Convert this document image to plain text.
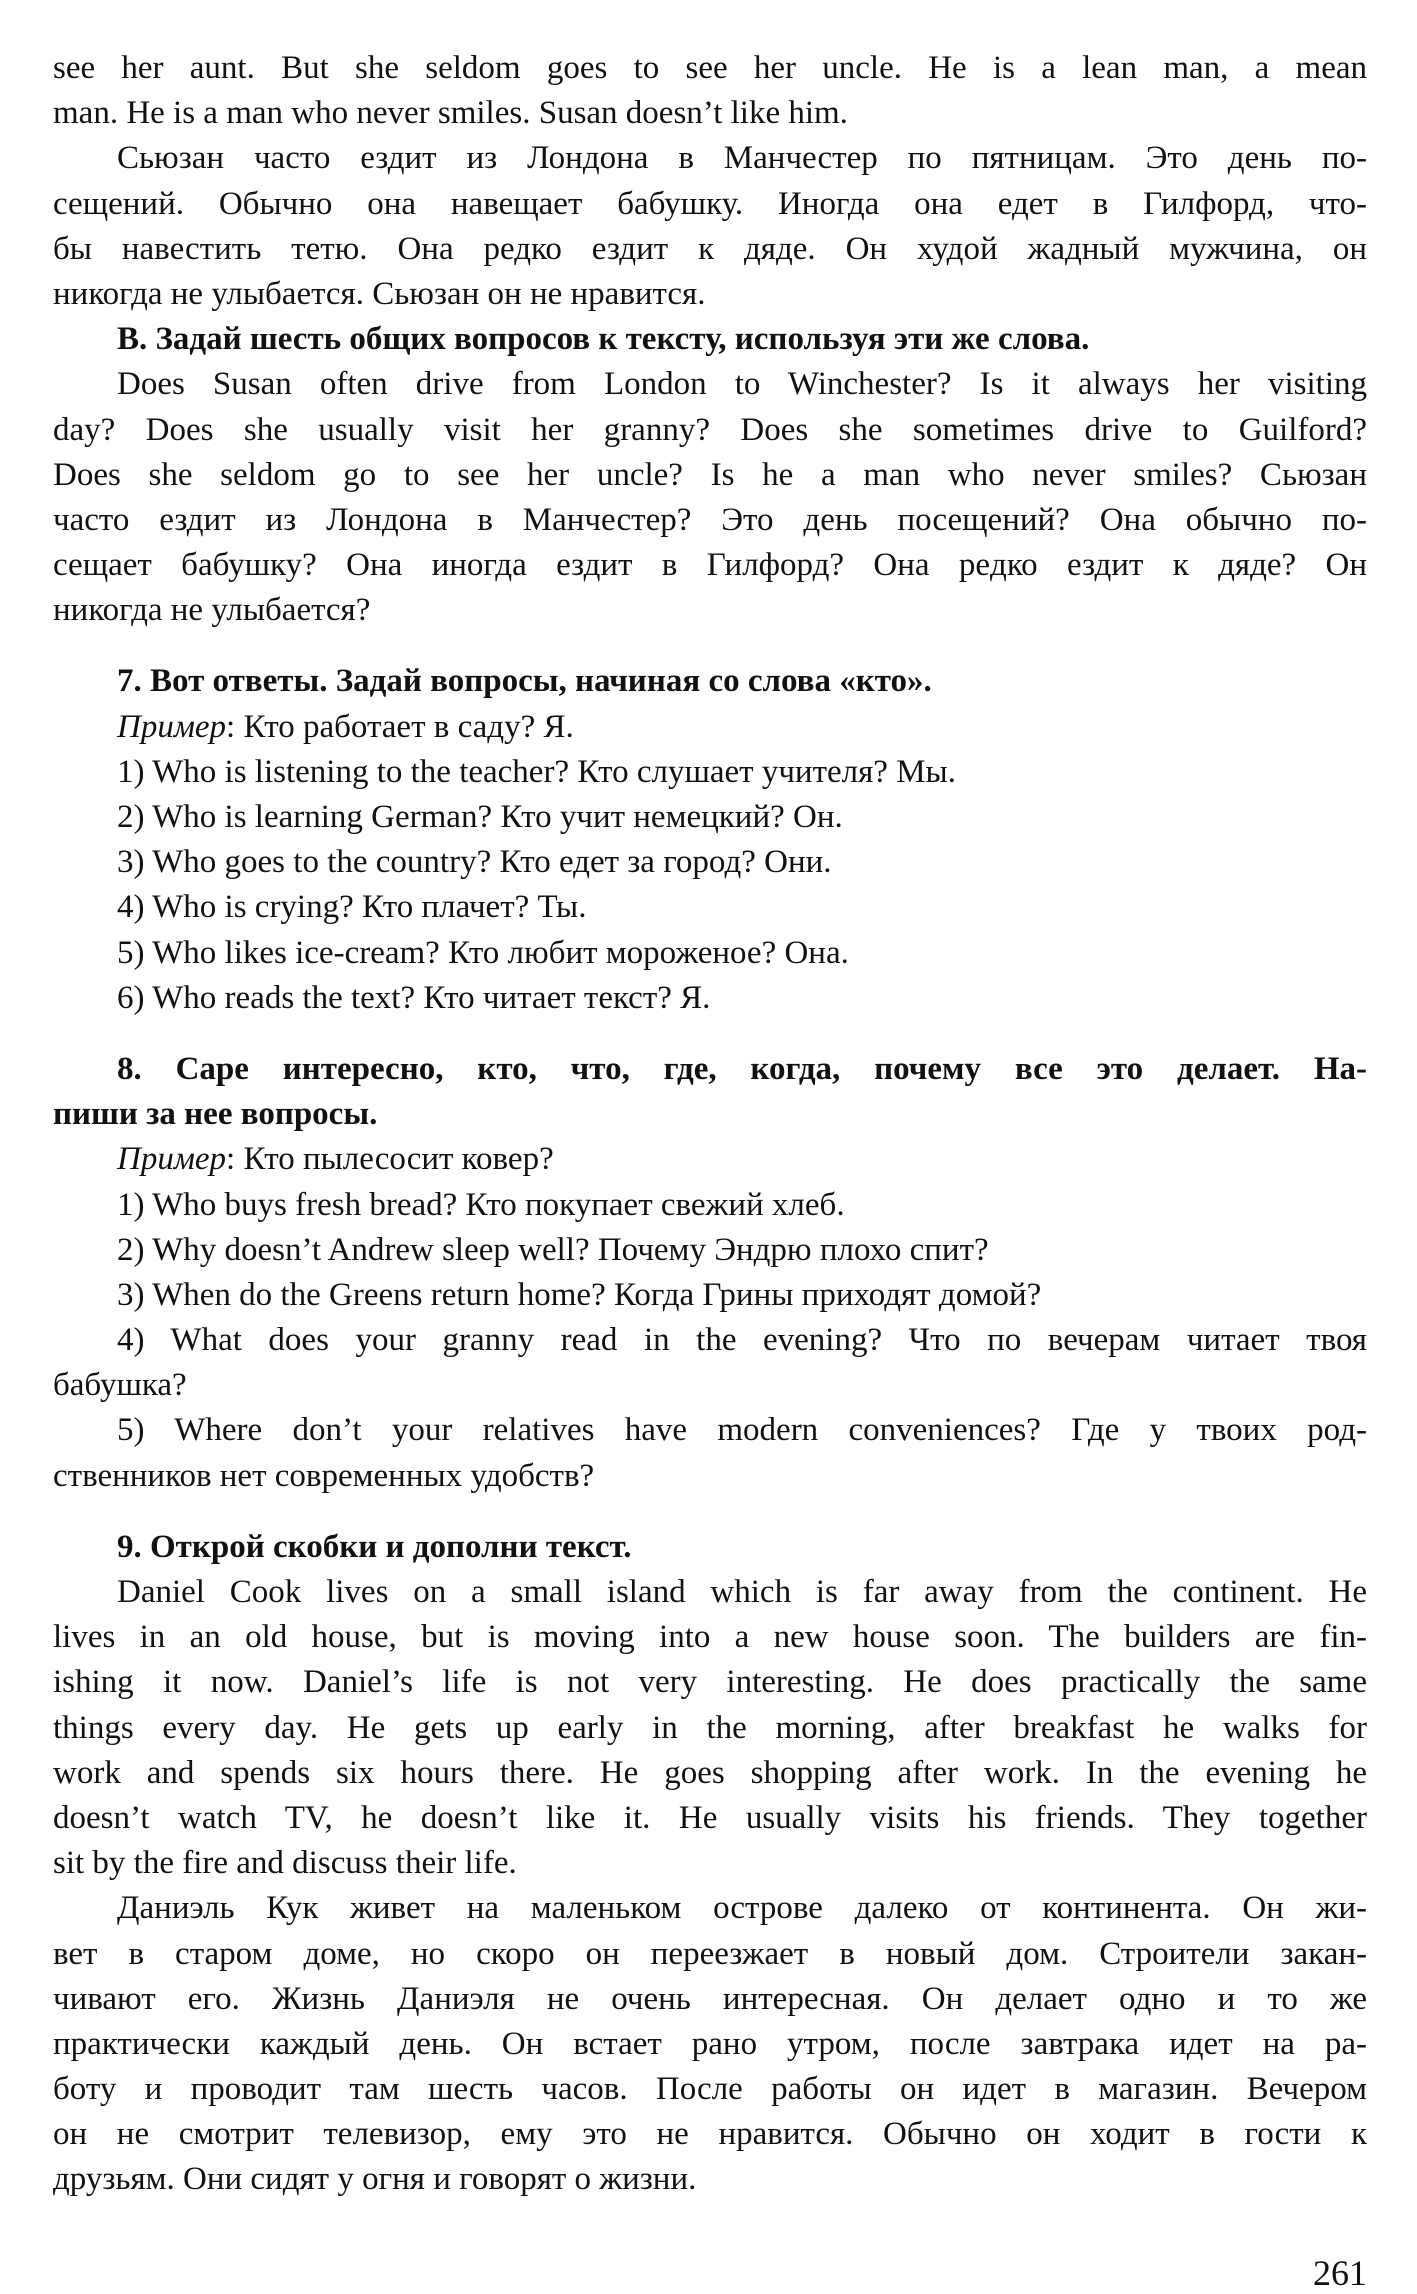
see her aunt. But she seldom goes to see her uncle. He is a lean man, a mean
man. He is a man who never smiles. Susan doesn’t like him.
Сьюзан часто ездит из Лондона в Манчестер по пятницам. Это день по-
сещений. Обычно она навещает бабушку. Иногда она едет в Гилфорд, что-
бы навестить тетю. Она редко ездит к дяде. Он худой жадный мужчина, он
никогда не улыбается. Сьюзан он не нравится.
B. Задай шесть общих вопросов к тексту, используя эти же слова.
Does Susan often drive from London to Winchester? Is it always her visiting
day? Does she usually visit her granny? Does she sometimes drive to Guilford?
Does she seldom go to see her uncle? Is he a man who never smiles? Сьюзан
часто ездит из Лондона в Манчестер? Это день посещений? Она обычно по-
сещает бабушку? Она иногда ездит в Гилфорд? Она рeдко ездит к дяде? Он
никогда не улыбается?
7. Вот ответы. Задай вопросы, начиная со слова «кто».
Пример: Кто работает в саду? Я.
1) Who is listening to the teacher? Кто слушает учителя? Мы.
2) Who is learning German? Кто учит немецкий? Он.
3) Who goes to the country? Кто едет за город? Они.
4) Who is crying? Кто плачет? Ты.
5) Who likes ice-cream? Кто любит мороженое? Она.
6) Who reads the text? Кто читает текст? Я.
8. Саре интересно, кто, что, где, когда, почему все это делает. На-
пиши за нее вопросы.
Пример: Кто пылесосит ковер?
1) Who buys fresh bread? Кто покупает свежий хлеб.
2) Why doesn’t Andrew sleep well? Почему Эндрю плохо спит?
3) When do the Greens return home? Когда Грины приходят домой?
4) What does your granny read in the evening? Что по вечерам читает твоя
бабушка?
5) Where don’t your relatives have modern conveniences? Где у твоих род-
ственников нет современных удобств?
9. Открой скобки и дополни текст.
Daniel Cook lives on a small island which is far away from the continent. He
lives in an old house, but is moving into a new house soon. The builders are fin-
ishing it now. Daniel’s life is not very interesting. He does practically the same
things every day. He gets up early in the morning, after breakfast he walks for
work and spends six hours there. He goes shopping after work. In the evening he
doesn’t watch TV, he doesn’t like it. He usually visits his friends. They together
sit by the fire and discuss their life.
Даниэль Кук живет на маленьком острове далеко от континента. Он жи-
вет в старом доме, но скоро он переезжает в новый дом. Строители закан-
чивают его. Жизнь Даниэля не очень интересная. Он делает одно и то же
практически каждый день. Он встает рано утром, после завтрака идет на ра-
боту и проводит там шесть часов. После работы он идет в магазин. Вечером
он не смотрит телевизор, ему это не нравится. Обычно он ходит в гости к
друзьям. Они сидят у огня и говорят о жизни.
261
